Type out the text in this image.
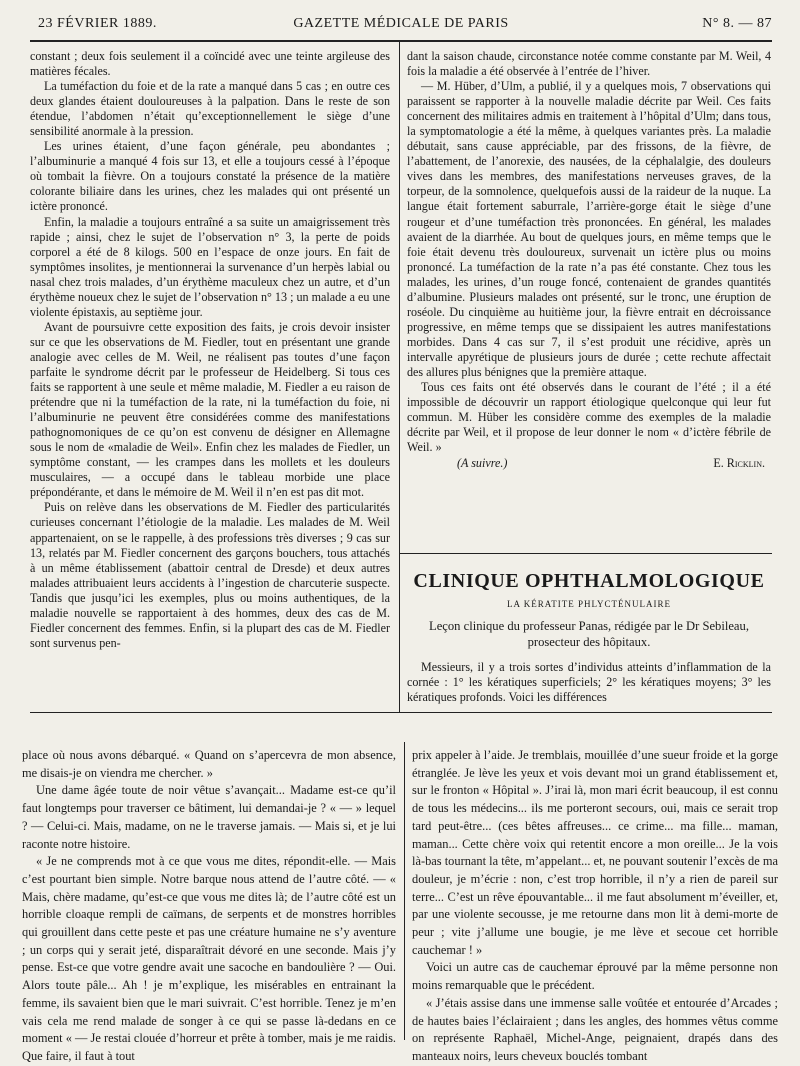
23 FÉVRIER 1889.	GAZETTE MÉDICALE DE PARIS	N° 8. — 87

constant ; deux fois seulement il a coïncidé avec une teinte argileuse des matières fécales.

La tuméfaction du foie et de la rate a manqué dans 5 cas ; en outre ces deux glandes étaient douloureuses à la palpation. Dans le reste de son étendue, l’abdomen n’était qu’exceptionnellement le siège d’une sensibilité anormale à la pression.

Les urines étaient, d’une façon générale, peu abondantes ; l’albuminurie a manqué 4 fois sur 13, et elle a toujours cessé à l’époque où tombait la fièvre. On a toujours constaté la présence de la matière colorante biliaire dans les urines, chez les malades qui ont présenté un ictère prononcé.

Enfin, la maladie a toujours entraîné a sa suite un amaigrissement très rapide ; ainsi, chez le sujet de l’observation n° 3, la perte de poids corporel a été de 8 kilogs. 500 en l’espace de onze jours. En fait de symptômes insolites, je mentionnerai la survenance d’un herpès labial ou nasal chez trois malades, d’un érythème maculeux chez un autre, et d’un érythème noueux chez le sujet de l’observation n° 13 ; un malade a eu une violente épistaxis, au septième jour.

Avant de poursuivre cette exposition des faits, je crois devoir insister sur ce que les observations de M. Fiedler, tout en présentant une grande analogie avec celles de M. Weil, ne réalisent pas toutes d’une façon parfaite le syndrome décrit par le professeur de Heidelberg. Si tous ces faits se rapportent à une seule et même maladie, M. Fiedler a eu raison de prétendre que ni la tuméfaction de la rate, ni la tuméfaction du foie, ni l’albuminurie ne peuvent être considérées comme des manifestations pathognomoniques de ce qu’on est convenu de désigner en Allemagne sous le nom de «maladie de Weil». Enfin chez les malades de Fiedler, un symptôme constant, — les crampes dans les mollets et les douleurs musculaires, — a occupé dans le tableau morbide une place prépondérante, et dans le mémoire de M. Weil il n’en est pas dit mot.

Puis on relève dans les observations de M. Fiedler des particularités curieuses concernant l’étiologie de la maladie. Les malades de M. Weil appartenaient, on se le rappelle, à des professions très diverses ; 9 cas sur 13, relatés par M. Fiedler concernent des garçons bouchers, tous attachés à un même établissement (abattoir central de Dresde) et deux autres malades attribuaient leurs accidents à l’ingestion de charcuterie suspecte. Tandis que jusqu’ici les exemples, plus ou moins authentiques, de la maladie nouvelle se rapportaient à des hommes, deux des cas de M. Fiedler concernent des femmes. Enfin, si la plupart des cas de M. Fiedler sont survenus pen-

dant la saison chaude, circonstance notée comme constante par M. Weil, 4 fois la maladie a été observée à l’entrée de l’hiver.

— M. Hüber, d’Ulm, a publié, il y a quelques mois, 7 observations qui paraissent se rapporter à la nouvelle maladie décrite par Weil. Ces faits concernent des militaires admis en traitement à l’hôpital d’Ulm; dans tous, la symptomatologie a été la même, à quelques variantes près. La maladie débutait, sans cause appréciable, par des frissons, de la fièvre, de l’abattement, de l’anorexie, des nausées, de la céphalalgie, des douleurs vives dans les membres, des manifestations nerveuses graves, de la torpeur, de la somnolence, quelquefois aussi de la raideur de la nuque. La langue était fortement saburrale, l’arrière-gorge était le siège d’une rougeur et d’une tuméfaction très prononcées. En général, les malades avaient de la diarrhée. Au bout de quelques jours, en même temps que le foie était devenu très douloureux, survenait un ictère plus ou moins prononcé. La tuméfaction de la rate n’a pas été constante. Chez tous les malades, les urines, d’un rouge foncé, contenaient de grandes quantités d’albumine. Plusieurs malades ont présenté, sur le tronc, une éruption de roséole. Du cinquième au huitième jour, la fièvre entrait en décroissance progressive, en même temps que se dissipaient les autres manifestations morbides. Dans 4 cas sur 7, il s’est produit une récidive, après un intervalle apyrétique de plusieurs jours de durée ; cette rechute affectait des allures plus bénignes que la première attaque.

Tous ces faits ont été observés dans le courant de l’été ; il a été impossible de découvrir un rapport étiologique quelconque qui leur fut commun. M. Hüber les considère comme des exemples de la maladie décrite par Weil, et il propose de leur donner le nom « d’ictère fébrile de Weil. »

(A suivre.)	E. Ricklin.
CLINIQUE OPHTHALMOLOGIQUE
LA KÉRATITE PHLYCTÉNULAIRE
Leçon clinique du professeur Panas, rédigée par le Dr Sebileau, prosecteur des hôpitaux.

Messieurs, il y a trois sortes d’individus atteints d’inflammation de la cornée : 1° les kératiques superficiels; 2° les kératiques moyens; 3° les kératiques profonds. Voici les différences

place où nous avons débarqué. « Quand on s’apercevra de mon absence, me disais-je on viendra me chercher. »

Une dame âgée toute de noir vêtue s’avançait... Madame est-ce qu’il faut longtemps pour traverser ce bâtiment, lui demandai-je ? « — » lequel ? — Celui-ci. Mais, madame, on ne le traverse jamais. — Mais si, et je lui raconte notre histoire.

« Je ne comprends mot à ce que vous me dites, répondit-elle. — Mais c’est pourtant bien simple. Notre barque nous attend de l’autre côté. — « Mais, chère madame, qu’est-ce que vous me dites là; de l’autre côté est un horrible cloaque rempli de caïmans, de serpents et de monstres horribles qui grouillent dans cette peste et pas une créature humaine ne s’y aventure ; un corps qui y serait jeté, disparaîtrait dévoré en une seconde. Mais j’y pense. Est-ce que votre gendre avait une sacoche en bandoulière ? — Oui. Alors toute pâle... Ah ! je m’explique, les misérables en entrainant la femme, ils savaient bien que le mari suivrait. C’est horrible. Tenez je m’en vais cela me rend malade de songer à ce qui se passe là-dedans en ce moment « — Je restai clouée d’horreur et prête à tomber, mais je me raidis. Que faire, il faut à tout

prix appeler à l’aide. Je tremblais, mouillée d’une sueur froide et la gorge étranglée. Je lève les yeux et vois devant moi un grand établissement et, sur le fronton « Hôpital ». J’irai là, mon mari écrit beaucoup, il est connu de tous les médecins... ils me porteront secours, oui, mais ce serait trop tard peut-être... (ces bêtes affreuses... ce crime... ma fille... maman, maman... Cette chère voix qui retentit encore a mon oreille... Je la vois là-bas tournant la tête, m’appelant... et, ne pouvant soutenir l’excès de ma douleur, je m’écrie : non, c’est trop horrible, il n’y a rien de pareil sur terre... C’est un rêve épouvantable... il me faut absolument m’éveiller, et, par une violente secousse, je me retourne dans mon lit à demi-morte de peur ; vite j’allume une bougie, je me lève et secoue cet horrible cauchemar ! »

Voici un autre cas de cauchemar éprouvé par la même personne non moins remarquable que le précédent.

« J’étais assise dans une immense salle voûtée et entourée d’Arcades ; de hautes baies l’éclairaient ; dans les angles, des hommes vêtus comme on représente Raphaël, Michel-Ange, peignaient, drapés dans des manteaux noirs, leurs cheveux bouclés tombant
